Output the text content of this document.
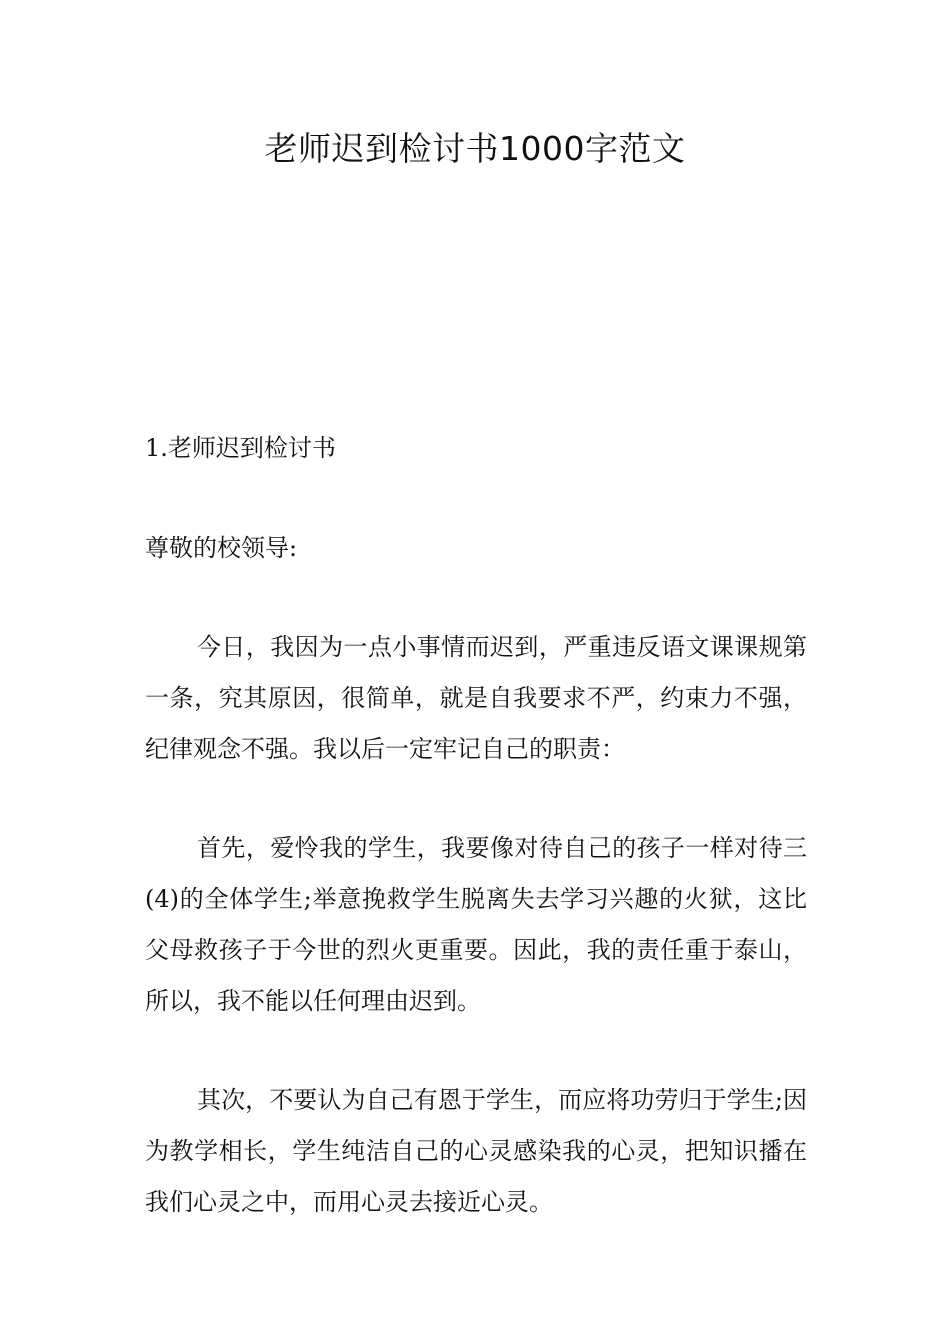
老师迟到检讨书1000字范文
1.老师迟到检讨书

尊敬的校领导:

今日，我因为一点小事情而迟到，严重违反语文课课规第一条，究其原因，很简单，就是自我要求不严，约束力不强，纪律观念不强。我以后一定牢记自己的职责：

首先，爱怜我的学生，我要像对待自己的孩子一样对待三(4)的全体学生;举意挽救学生脱离失去学习兴趣的火狱，这比父母救孩子于今世的烈火更重要。因此，我的责任重于泰山，所以，我不能以任何理由迟到。

其次，不要认为自己有恩于学生，而应将功劳归于学生;因为教学相长，学生纯洁自己的心灵感染我的心灵，把知识播在我们心灵之中，而用心灵去接近心灵。
